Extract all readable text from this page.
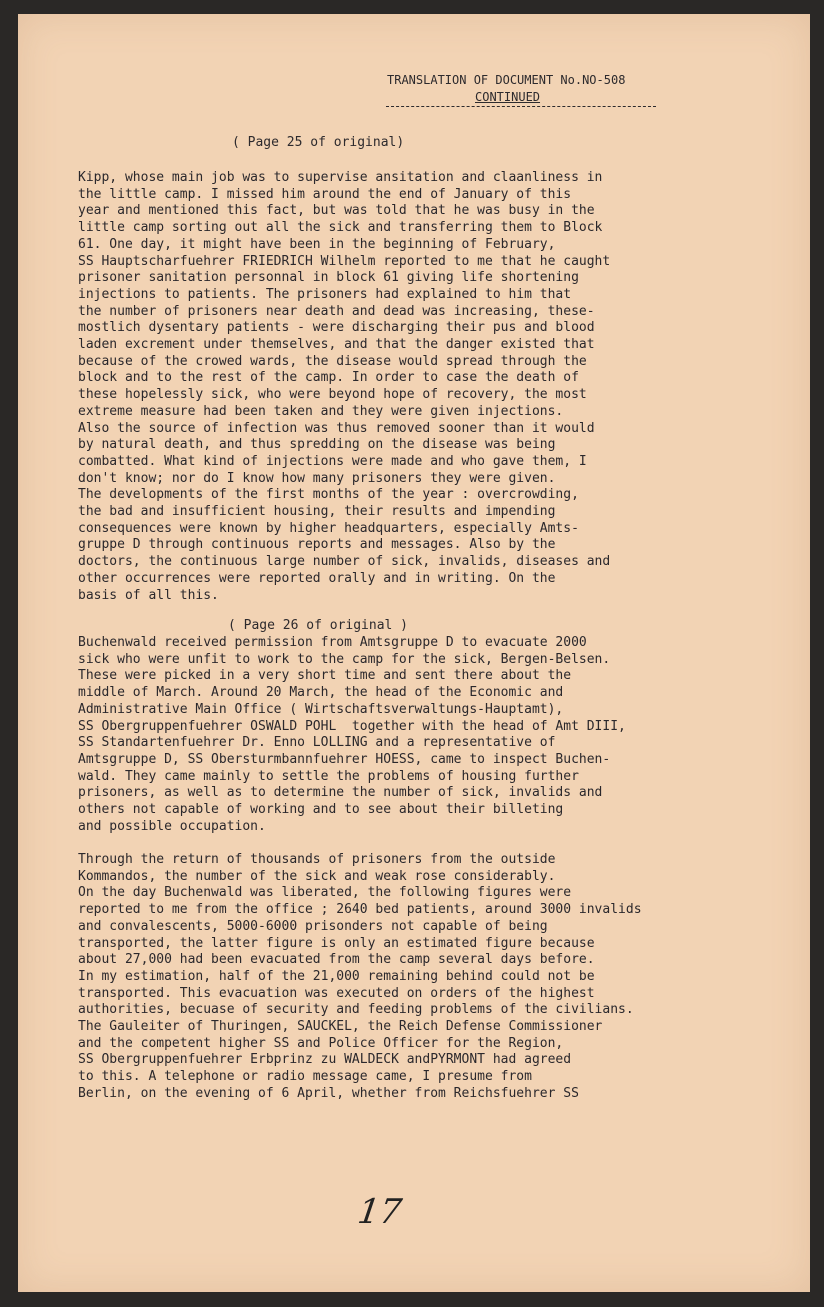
TRANSLATION OF DOCUMENT No.NO-508
CONTINUED
( Page 25 of original)
Kipp, whose main job was to supervise ansitation and claanliness in
the little camp. I missed him around the end of January of this
year and mentioned this fact, but was told that he was busy in the
little camp sorting out all the sick and transferring them to Block
61. One day, it might have been in the beginning of February,
SS Hauptscharfuehrer FRIEDRICH Wilhelm reported to me that he caught
prisoner sanitation personnal in block 61 giving life shortening
injections to patients. The prisoners had explained to him that
the number of prisoners near death and dead was increasing, these-
mostlich dysentary patients - were discharging their pus and blood
laden excrement under themselves, and that the danger existed that
because of the crowed wards, the disease would spread through the
block and to the rest of the camp. In order to case the death of
these hopelessly sick, who were beyond hope of recovery, the most
extreme measure had been taken and they were given injections.
Also the source of infection was thus removed sooner than it would
by natural death, and thus spredding on the disease was being
combatted. What kind of injections were made and who gave them, I
don't know; nor do I know how many prisoners they were given.
The developments of the first months of the year : overcrowding,
the bad and insufficient housing, their results and impending
consequences were known by higher headquarters, especially Amts-
gruppe D through continuous reports and messages. Also by the
doctors, the continuous large number of sick, invalids, diseases and
other occurrences were reported orally and in writing. On the
basis of all this.
( Page 26 of original )
Buchenwald received permission from Amtsgruppe D to evacuate 2000
sick who were unfit to work to the camp for the sick, Bergen-Belsen.
These were picked in a very short time and sent there about the
middle of March. Around 20 March, the head of the Economic and
Administrative Main Office ( Wirtschaftsverwaltungs-Hauptamt),
SS Obergruppenfuehrer OSWALD POHL  together with the head of Amt DIII,
SS Standartenfuehrer Dr. Enno LOLLING and a representative of
Amtsgruppe D, SS Obersturmbannfuehrer HOESS, came to inspect Buchen-
wald. They came mainly to settle the problems of housing further
prisoners, as well as to determine the number of sick, invalids and
others not capable of working and to see about their billeting
and possible occupation.
Through the return of thousands of prisoners from the outside
Kommandos, the number of the sick and weak rose considerably.
On the day Buchenwald was liberated, the following figures were
reported to me from the office ; 2640 bed patients, around 3000 invalids
and convalescents, 5000-6000 prisonders not capable of being
transported, the latter figure is only an estimated figure because
about 27,000 had been evacuated from the camp several days before.
In my estimation, half of the 21,000 remaining behind could not be
transported. This evacuation was executed on orders of the highest
authorities, becuase of security and feeding problems of the civilians.
The Gauleiter of Thuringen, SAUCKEL, the Reich Defense Commissioner
and the competent higher SS and Police Officer for the Region,
SS Obergruppenfuehrer Erbprinz zu WALDECK andPYRMONT had agreed
to this. A telephone or radio message came, I presume from
Berlin, on the evening of 6 April, whether from Reichsfuehrer SS
17
